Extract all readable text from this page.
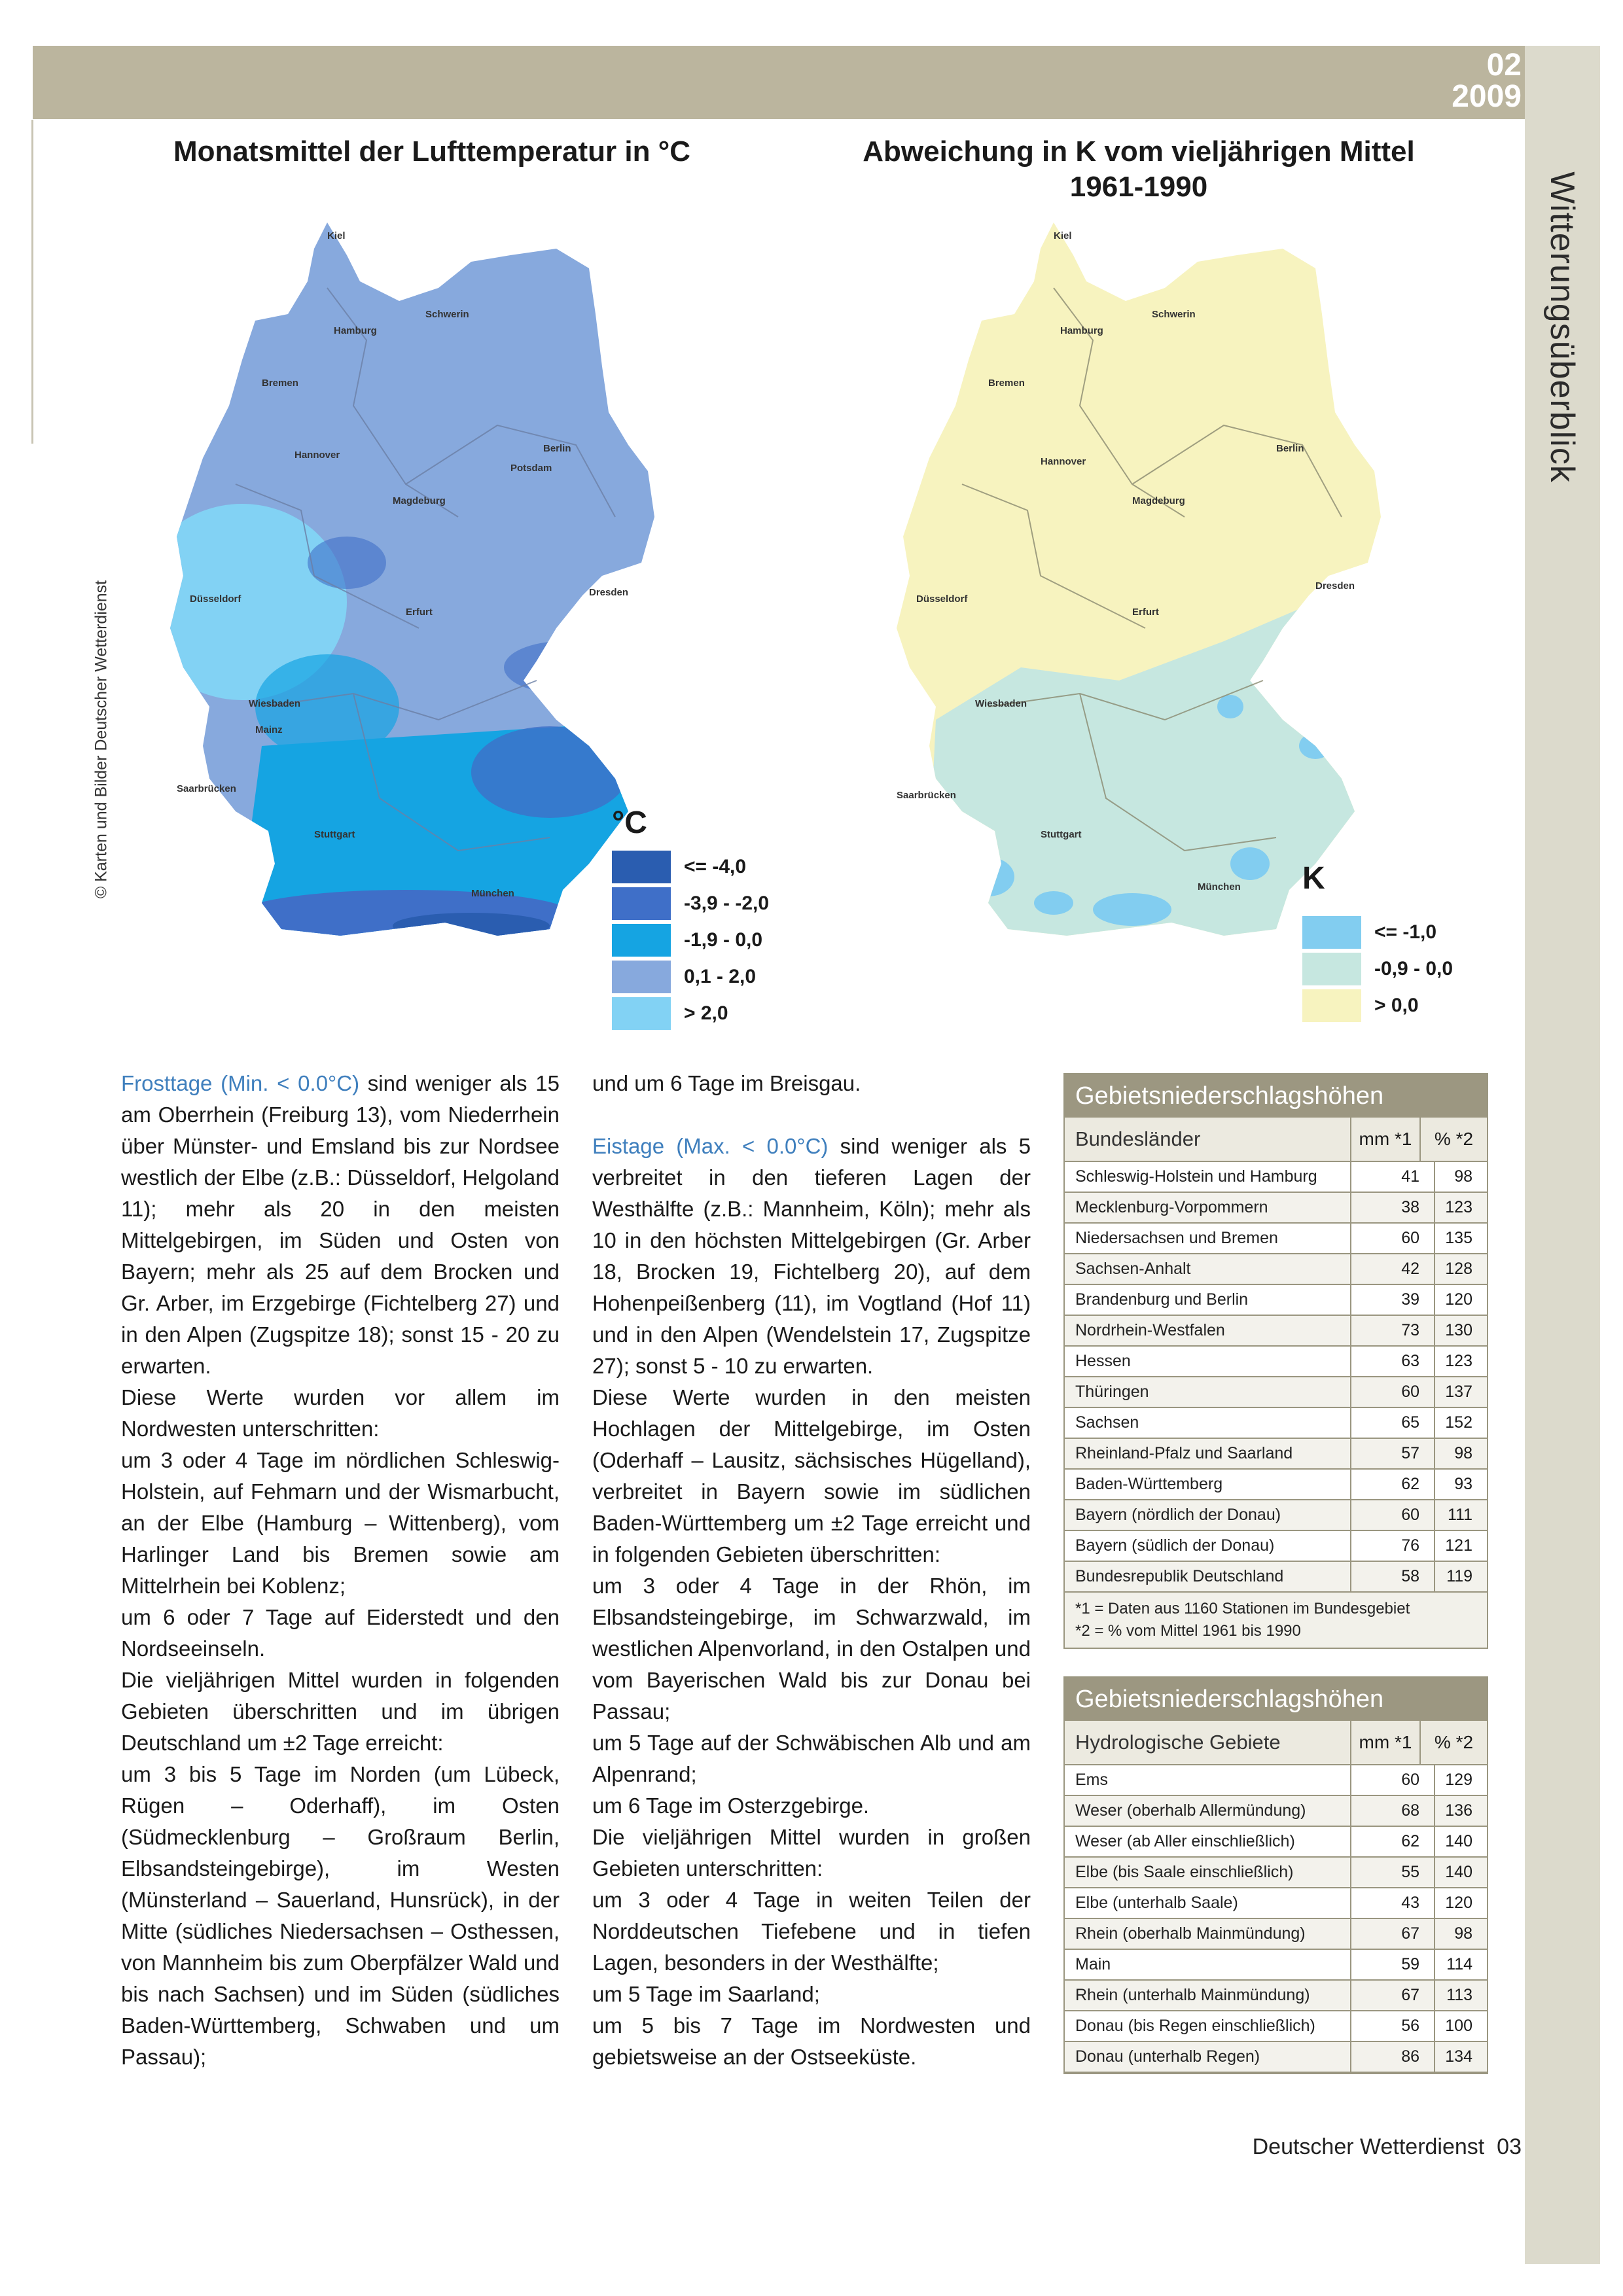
02
2009
Witterungsüberblick
© Karten und Bilder Deutscher Wetterdienst
Monatsmittel der Lufttemperatur in °C
Kiel
Hamburg
Schwerin
Bremen
Berlin
Hannover
Potsdam
Magdeburg
Düsseldorf
Erfurt
Dresden
Wiesbaden
Mainz
Saarbrücken
Stuttgart
München
°C
<= -4,0
-3,9 - -2,0
-1,9 - 0,0
0,1 - 2,0
> 2,0
Abweichung in K vom vieljährigen Mittel
1961-1990
Kiel
Hamburg
Schwerin
Bremen
Berlin
Hannover
Magdeburg
Düsseldorf
Erfurt
Dresden
Wiesbaden
Saarbrücken
Stuttgart
München K
<= -1,0
-0,9 - 0,0
> 0,0

Frosttage (Min. < 0.0°C) sind weniger als 15 am Oberrhein (Freiburg 13), vom Niederrhein über Münster- und Emsland bis zur Nordsee westlich der Elbe (z.B.: Düsseldorf, Helgoland 11); mehr als 20 in den meisten Mittelgebirgen, im Süden und Osten von Bayern; mehr als 25 auf dem Brocken und Gr. Arber, im Erzgebirge (Fichtelberg 27) und in den Alpen (Zugspitze 18); sonst 15 - 20 zu erwarten.

Diese Werte wurden vor allem im Nordwesten unterschritten:

um 3 oder 4 Tage im nördlichen Schleswig-Holstein, auf Fehmarn und der Wismarbucht, an der Elbe (Hamburg – Wittenberg), vom Harlinger Land bis Bremen sowie am Mittelrhein bei Koblenz;

um 6 oder 7 Tage auf Eiderstedt und den Nordseeinseln.

Die vieljährigen Mittel wurden in folgenden Gebieten überschritten und im übrigen Deutschland um ±2 Tage erreicht:

um 3 bis 5 Tage im Norden (um Lübeck, Rügen – Oderhaff), im Osten (Südmecklenburg – Großraum Berlin, Elbsandsteingebirge), im Westen (Münsterland – Sauerland, Hunsrück), in der Mitte (südliches Niedersachsen – Osthessen, von Mannheim bis zum Oberpfälzer Wald und bis nach Sachsen) und im Süden (südliches Baden-Württemberg, Schwaben und um Passau);

und um 6 Tage im Breisgau.

Eistage (Max. < 0.0°C) sind weniger als 5 verbreitet in den tieferen Lagen der Westhälfte (z.B.: Mannheim, Köln); mehr als 10 in den höchsten Mittelgebirgen (Gr. Arber 18, Brocken 19, Fichtelberg 20), auf dem Hohenpeißenberg (11), im Vogtland (Hof 11) und in den Alpen (Wendelstein 17, Zugspitze 27); sonst 5 - 10 zu erwarten.

Diese Werte wurden in den meisten Hochlagen der Mittelgebirge, im Osten (Oderhaff – Lausitz, sächsisches Hügelland), verbreitet in Bayern sowie im südlichen Baden-Württemberg um ±2 Tage erreicht und in folgenden Gebieten überschritten:

um 3 oder 4 Tage in der Rhön, im Elbsandsteingebirge, im Schwarzwald, im westlichen Alpenvorland, in den Ostalpen und vom Bayerischen Wald bis zur Donau bei Passau;

um 5 Tage auf der Schwäbischen Alb und am Alpenrand;

um 6 Tage im Osterzgebirge.

Die vieljährigen Mittel wurden in großen Gebieten unterschritten:

um 3 oder 4 Tage in weiten Teilen der Norddeutschen Tiefebene und in tiefen Lagen, besonders in der Westhälfte;

um 5 Tage im Saarland;

um 5 bis 7 Tage im Nordwesten und gebietsweise an der Ostseeküste.

Gebietsniederschlagshöhen
Bundesländer	mm *1	% *2
Schleswig-Holstein und Hamburg	41	98
Mecklenburg-Vorpommern	38	123
Niedersachsen und Bremen	60	135
Sachsen-Anhalt	42	128
Brandenburg und Berlin	39	120
Nordrhein-Westfalen	73	130
Hessen	63	123
Thüringen	60	137
Sachsen	65	152
Rheinland-Pfalz und Saarland	57	98
Baden-Württemberg	62	93
Bayern (nördlich der Donau)	60	111
Bayern (südlich der Donau)	76	121
Bundesrepublik Deutschland	58	119
*1 = Daten aus 1160 Stationen im Bundesgebiet
*2 = % vom Mittel 1961 bis 1990
Gebietsniederschlagshöhen
Hydrologische Gebiete	mm *1	% *2
Ems	60	129
Weser (oberhalb Allermündung)	68	136
Weser (ab Aller einschließlich)	62	140
Elbe (bis Saale einschließlich)	55	140
Elbe (unterhalb Saale)	43	120
Rhein (oberhalb Mainmündung)	67	98
Main	59	114
Rhein (unterhalb Mainmündung)	67	113
Donau (bis Regen einschließlich)	56	100
Donau (unterhalb Regen)	86	134
Deutscher Wetterdienst 03
